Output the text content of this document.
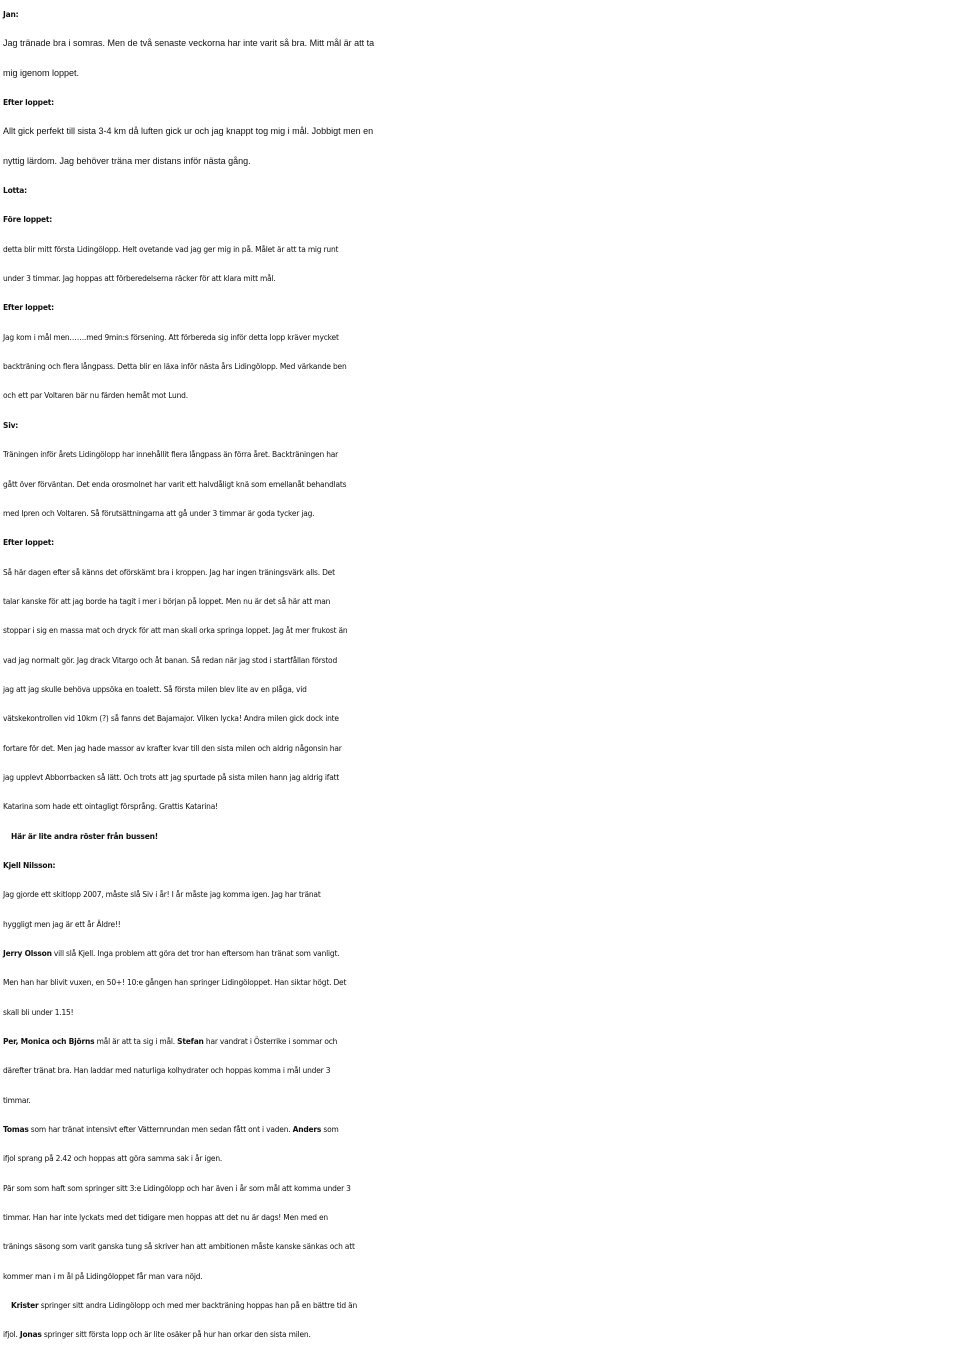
Jan:
Jag tränade bra i somras. Men de två senaste veckorna har inte varit så bra. Mitt mål är att ta
mig igenom loppet.
Efter loppet:
Allt gick perfekt till sista 3-4 km då luften gick ur och jag knappt tog mig i mål. Jobbigt men en
nyttig lärdom. Jag behöver träna mer distans inför nästa gång.
Lotta:
Före loppet:
detta blir mitt första Lidingölopp. Helt ovetande vad jag ger mig in på. Målet är att ta mig runt
under 3 timmar. Jag hoppas att förberedelserna räcker för att klara mitt mål.
Efter loppet:
Jag kom i mål men…….med 9min:s försening. Att förbereda sig inför detta lopp kräver mycket
backträning och flera långpass. Detta blir en läxa inför nästa års Lidingölopp. Med värkande ben
och ett par Voltaren bär nu färden hemåt mot Lund.
Siv:
Träningen inför årets Lidingölopp har innehållit flera långpass än förra året. Backträningen har
gått över förväntan. Det enda orosmolnet har varit ett halvdåligt knä som emellanåt behandlats
med Ipren och Voltaren. Så förutsättningarna att gå under 3 timmar är goda tycker jag.
Efter loppet:
Så här dagen efter så känns det oförskämt bra i kroppen. Jag har ingen träningsvärk alls. Det
talar kanske för att jag borde ha tagit i mer i början på loppet. Men nu är det så här att man
stoppar i sig en massa mat och dryck för att man skall orka springa loppet. Jag åt mer frukost än
vad jag normalt gör. Jag drack Vitargo och åt banan. Så redan när jag stod i startfållan förstod
jag att jag skulle behöva uppsöka en toalett. Så första milen blev lite av en plåga, vid
vätskekontrollen vid 10km (?) så fanns det Bajamajor. Vilken lycka! Andra milen gick dock inte
fortare för det. Men jag hade massor av krafter kvar till den sista milen och aldrig någonsin har
jag upplevt Abborrbacken så lätt. Och trots att jag spurtade på sista milen hann jag aldrig ifatt
Katarina som hade ett ointagligt försprång. Grattis Katarina!
Här är lite andra röster från bussen!
Kjell Nilsson:
Jag gjorde ett skitlopp 2007, måste slå Siv i år! I år måste jag komma igen. Jag har tränat
hyggligt men jag är ett år Äldre!!
Jerry Olsson vill slå Kjell. Inga problem att göra det tror han eftersom han tränat som vanligt.
Men han har blivit vuxen, en 50+! 10:e gången han springer Lidingöloppet. Han siktar högt. Det
skall bli under 1.15!
Per, Monica och Björns mål är att ta sig i mål. Stefan har vandrat i Österrike i sommar och
därefter tränat bra. Han laddar med naturliga kolhydrater och hoppas komma i mål under 3
timmar.
Tomas som har tränat intensivt efter Vätternrundan men sedan fått ont i vaden. Anders som
ifjol sprang på 2.42 och hoppas att göra samma sak i år igen.
Pär som som haft som springer sitt 3:e Lidingölopp och har även i år som mål att komma under 3
timmar. Han har inte lyckats med det tidigare men hoppas att det nu är dags! Men med en
tränings säsong som varit ganska tung så skriver han att ambitionen måste kanske sänkas och att
kommer man i m ål på Lidingöloppet får man vara nöjd.
Krister springer sitt andra Lidingölopp och med mer backträning hoppas han på en bättre tid än
ifjol. Jonas springer sitt första lopp och är lite osäker på hur han orkar den sista milen.
